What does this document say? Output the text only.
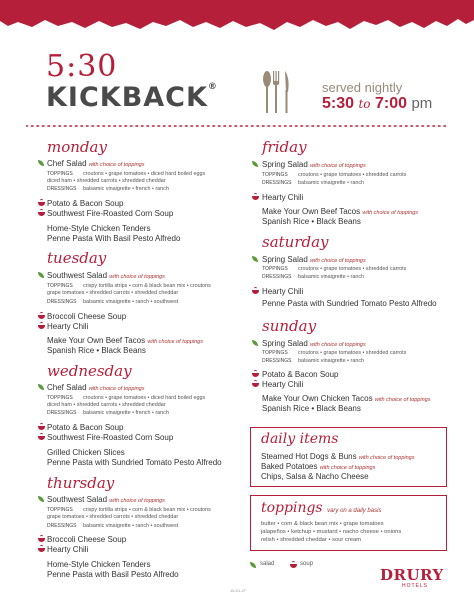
5:30
KICKBACK®	served nightly
5:30 to 7:00 pm
monday
Chef Salad with choice of toppings
TOPPINGS croutons • grape tomatoes • diced hard boiled eggs
diced ham • shredded carrots • shredded cheddar
DRESSINGS balsamic vinaigrette • french • ranch
Potato & Bacon Soup
Southwest Fire-Roasted Corn Soup
Home-Style Chicken Tenders
Penne Pasta With Basil Pesto Alfredo
tuesday
Southwest Salad with choice of toppings
TOPPINGS crispy tortilla strips • corn & black bean mix • croutons
grape tomatoes • shredded carrots • shredded cheddar
DRESSINGS balsamic vinaigrette • ranch • southwest
Broccoli Cheese Soup
Hearty Chili
Make Your Own Beef Tacos with choice of toppings
Spanish Rice • Black Beans
wednesday
Chef Salad with choice of toppings
TOPPINGS croutons • grape tomatoes • diced hard boiled eggs
diced ham • shredded carrots • shredded cheddar
DRESSINGS balsamic vinaigrette • french • ranch
Potato & Bacon Soup
Southwest Fire-Roasted Corn Soup
Grilled Chicken Slices
Penne Pasta with Sundried Tomato Pesto Alfredo
thursday
Southwest Salad with choice of toppings
TOPPINGS crispy tortilla strips • corn & black bean mix • croutons
grape tomatoes • shredded carrots • shredded cheddar
DRESSINGS balsamic vinaigrette • ranch • southwest
Broccoli Cheese Soup
Hearty Chili
Home-Style Chicken Tenders
Penne Pasta with Basil Pesto Alfredo
friday
Spring Salad with choice of toppings
TOPPINGS croutons • grape tomatoes • shredded carrots
DRESSINGS balsamic vinaigrette • ranch
Hearty Chili
Make Your Own Beef Tacos with choice of toppings
Spanish Rice • Black Beans
saturday
Spring Salad with choice of toppings
TOPPINGS croutons • grape tomatoes • shredded carrots
DRESSINGS balsamic vinaigrette • ranch
Hearty Chili
Penne Pasta with Sundried Tomato Pesto Alfredo
sunday
Spring Salad with choice of toppings
TOPPINGS croutons • grape tomatoes • shredded carrots
DRESSINGS balsamic vinaigrette • ranch
Potato & Bacon Soup
Hearty Chili
Make Your Own Chicken Tacos with choice of toppings
Spanish Rice • Black Beans
daily items
Steamed Hot Dogs & Buns with choice of toppings
Baked Potatoes with choice of toppings
Chips, Salsa & Nacho Cheese
toppings vary on a daily basis
butter • corn & black bean mix • grape tomatoes
jalapeños • ketchup • mustard • nacho cheese • onions
relish • shredded cheddar • sour cream
salad	soup
DRURY
HOTELS
16-01-27
